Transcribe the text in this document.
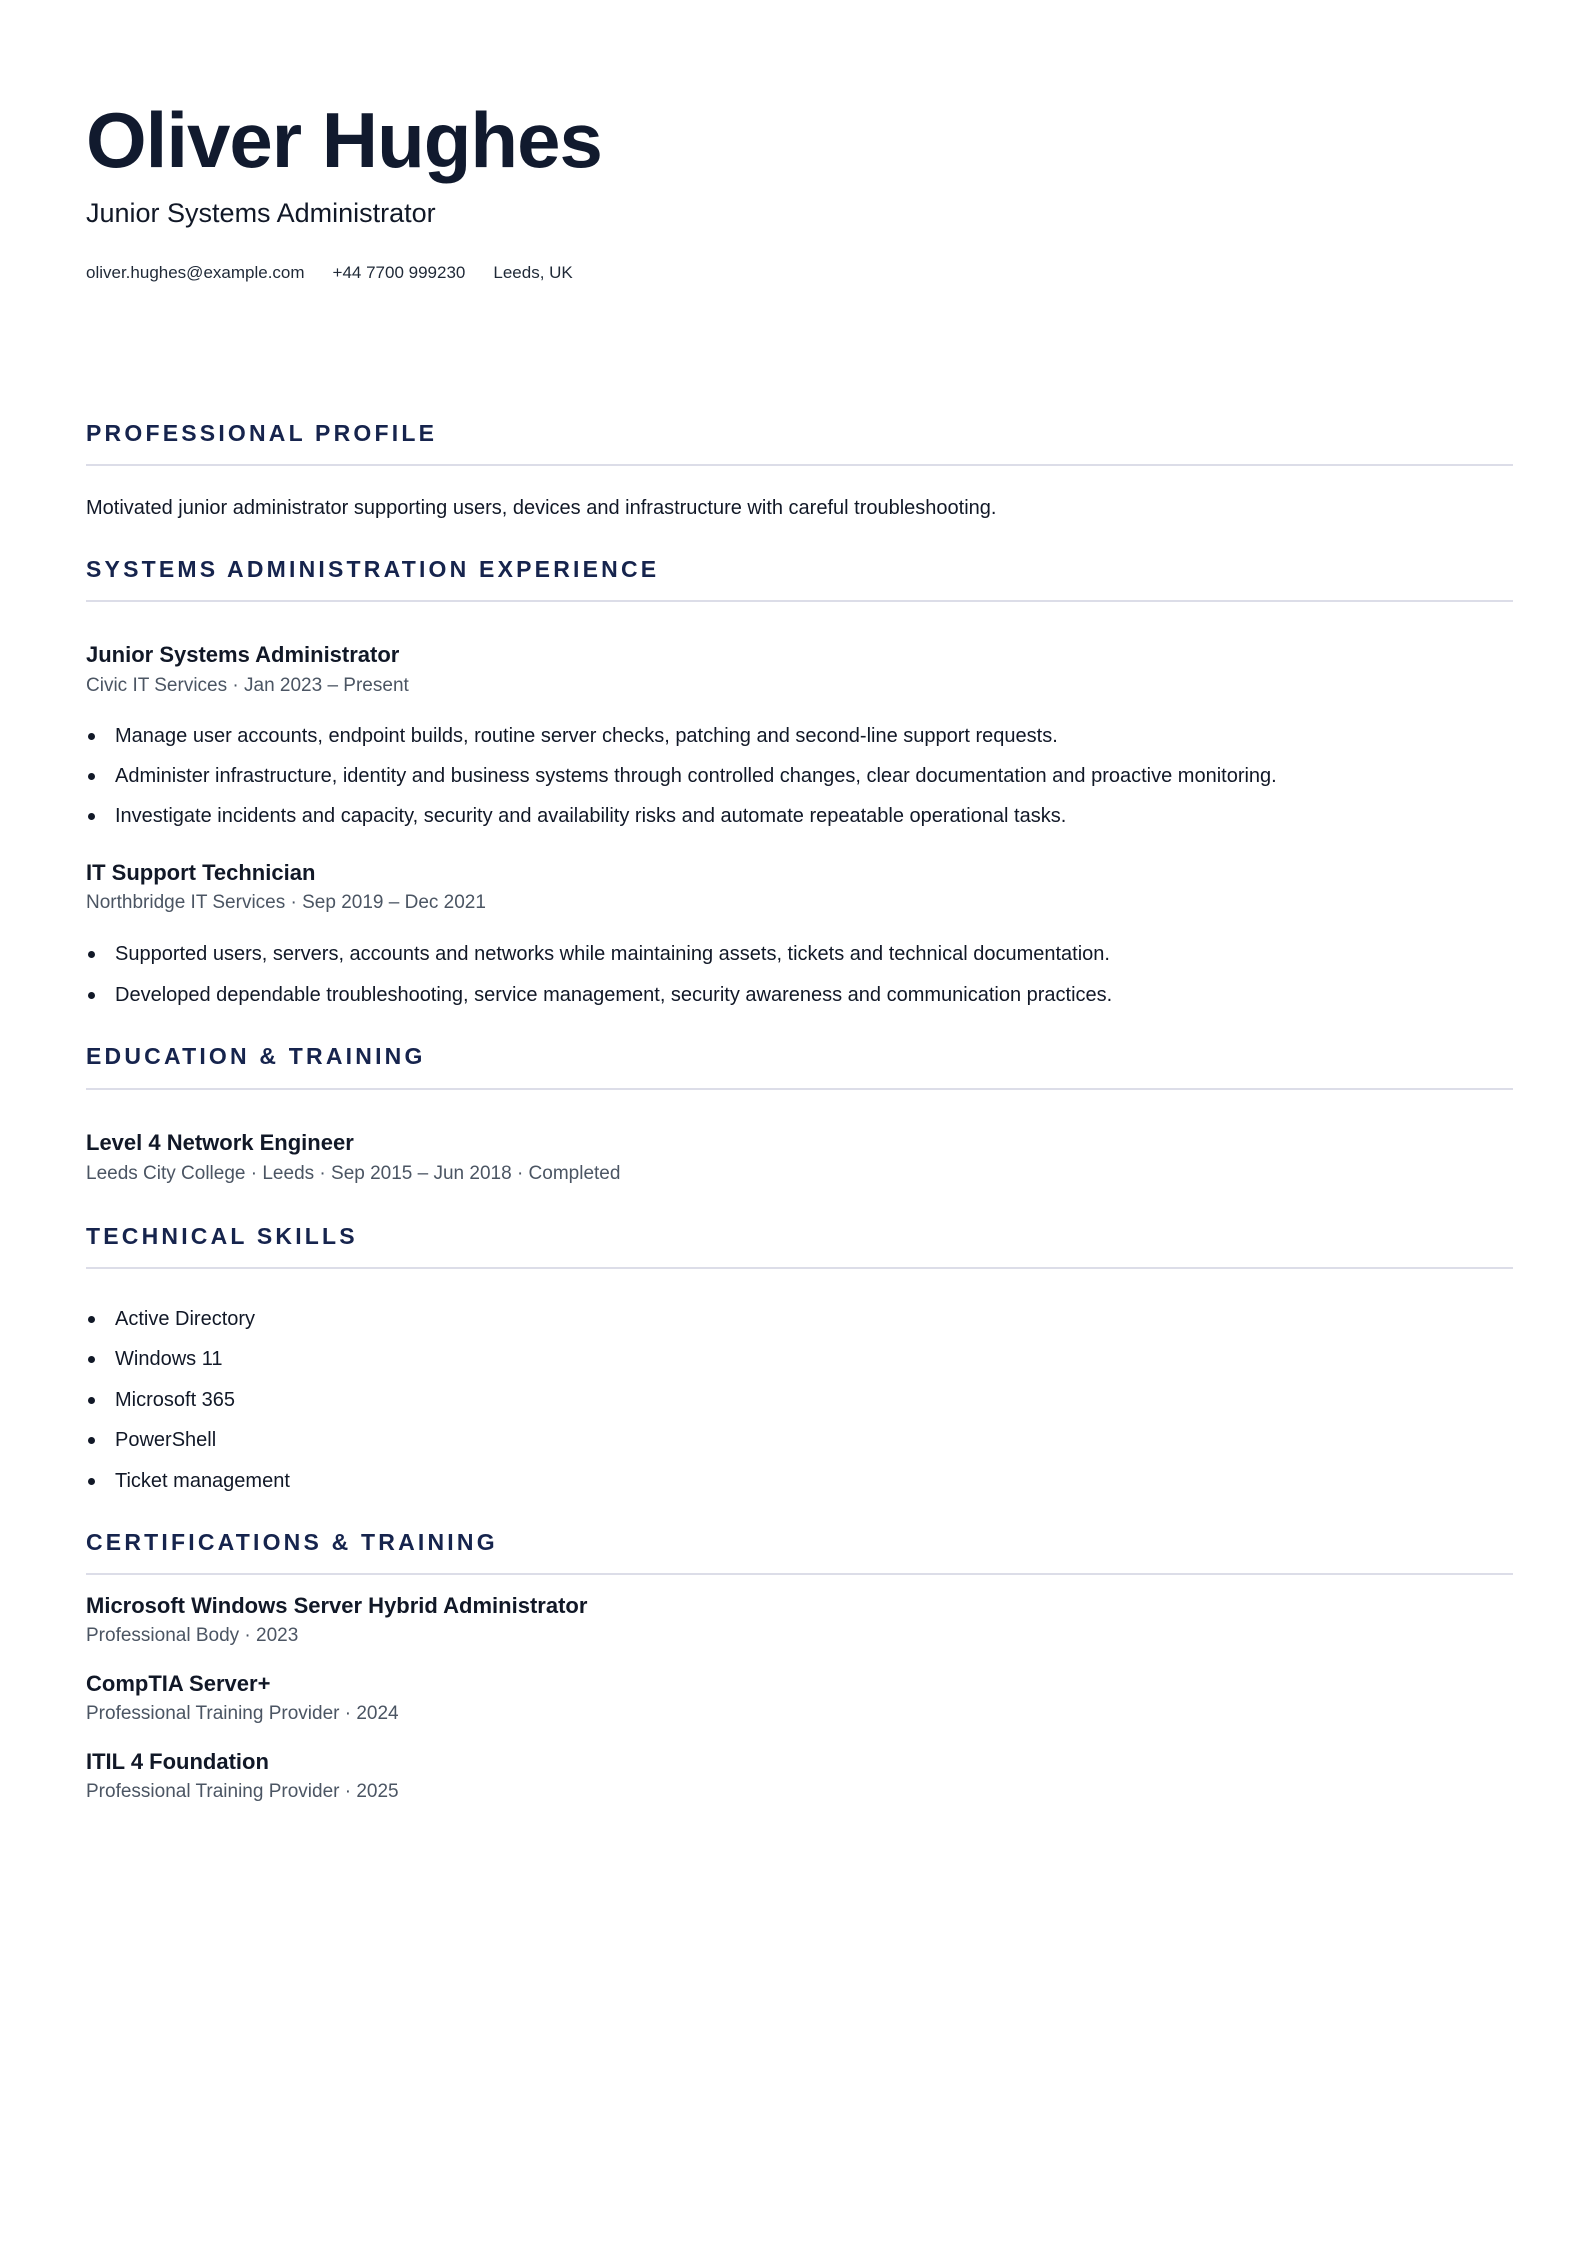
Oliver Hughes
Junior Systems Administrator
oliver.hughes@example.com +44 7700 999230 Leeds, UK
PROFESSIONAL PROFILE
Motivated junior administrator supporting users, devices and infrastructure with careful troubleshooting.
SYSTEMS ADMINISTRATION EXPERIENCE
Junior Systems Administrator
Civic IT Services · Jan 2023 – Present
Manage user accounts, endpoint builds, routine server checks, patching and second-line support requests.
Administer infrastructure, identity and business systems through controlled changes, clear documentation and proactive monitoring.
Investigate incidents and capacity, security and availability risks and automate repeatable operational tasks.
IT Support Technician
Northbridge IT Services · Sep 2019 – Dec 2021
Supported users, servers, accounts and networks while maintaining assets, tickets and technical documentation.
Developed dependable troubleshooting, service management, security awareness and communication practices.
EDUCATION & TRAINING
Level 4 Network Engineer
Leeds City College · Leeds · Sep 2015 – Jun 2018 · Completed
TECHNICAL SKILLS
Active Directory
Windows 11
Microsoft 365
PowerShell
Ticket management
CERTIFICATIONS & TRAINING
Microsoft Windows Server Hybrid Administrator
Professional Body · 2023
CompTIA Server+
Professional Training Provider · 2024
ITIL 4 Foundation
Professional Training Provider · 2025
